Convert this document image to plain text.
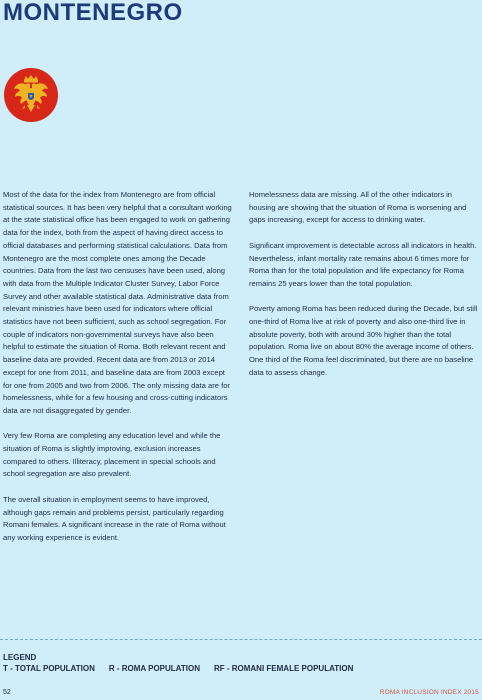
MONTENEGRO

Most of the data for the index from Montenegro are from official statistical sources. It has been very helpful that a consultant working at the state statistical office has been engaged to work on gathering data for the index, both from the aspect of having direct access to official databases and performing statistical calculations. Data from Montenegro are the most complete ones among the Decade countries. Data from the last two censuses have been used, along with data from the Multiple Indicator Cluster Survey, Labor Force Survey and other available statistical data. Administrative data from relevant ministries have been used for indicators where official statistics have not been sufficient, such as school segregation. For couple of indicators non-governmental surveys have also been helpful to estimate the situation of Roma. Both relevant recent and baseline data are provided. Recent data are from 2013 or 2014 except for one from 2011, and baseline data are from 2003 except for one from 2005 and two from 2006. The only missing data are for homelessness, while for a few housing and cross-cutting indicators data are not disaggregated by gender.

Very few Roma are completing any education level and while the situation of Roma is slightly improving, exclusion increases compared to others. Illiteracy, placement in special schools and school segregation are also prevalent.

The overall situation in employment seems to have improved, although gaps remain and problems persist, particularly regarding Romani females. A significant increase in the rate of Roma without any working experience is evident.

Homelessness data are missing. All of the other indicators in housing are showing that the situation of Roma is worsening and gaps increasing, except for access to drinking water.

Significant improvement is detectable across all indicators in health. Nevertheless, infant mortality rate remains about 6 times more for Roma than for the total population and life expectancy for Roma remains 25 years lower than the total population.

Poverty among Roma has been reduced during the Decade, but still one-third of Roma live at risk of poverty and also one-third live in absolute poverty, both with around 30% higher than the total population. Roma live on about 80% the average income of others. One third of the Roma feel discriminated, but there are no baseline data to assess change.

LEGEND
T - TOTAL POPULATION R - ROMA POPULATION RF - ROMANI FEMALE POPULATION
52	ROMA INCLUSION INDEX 2015
